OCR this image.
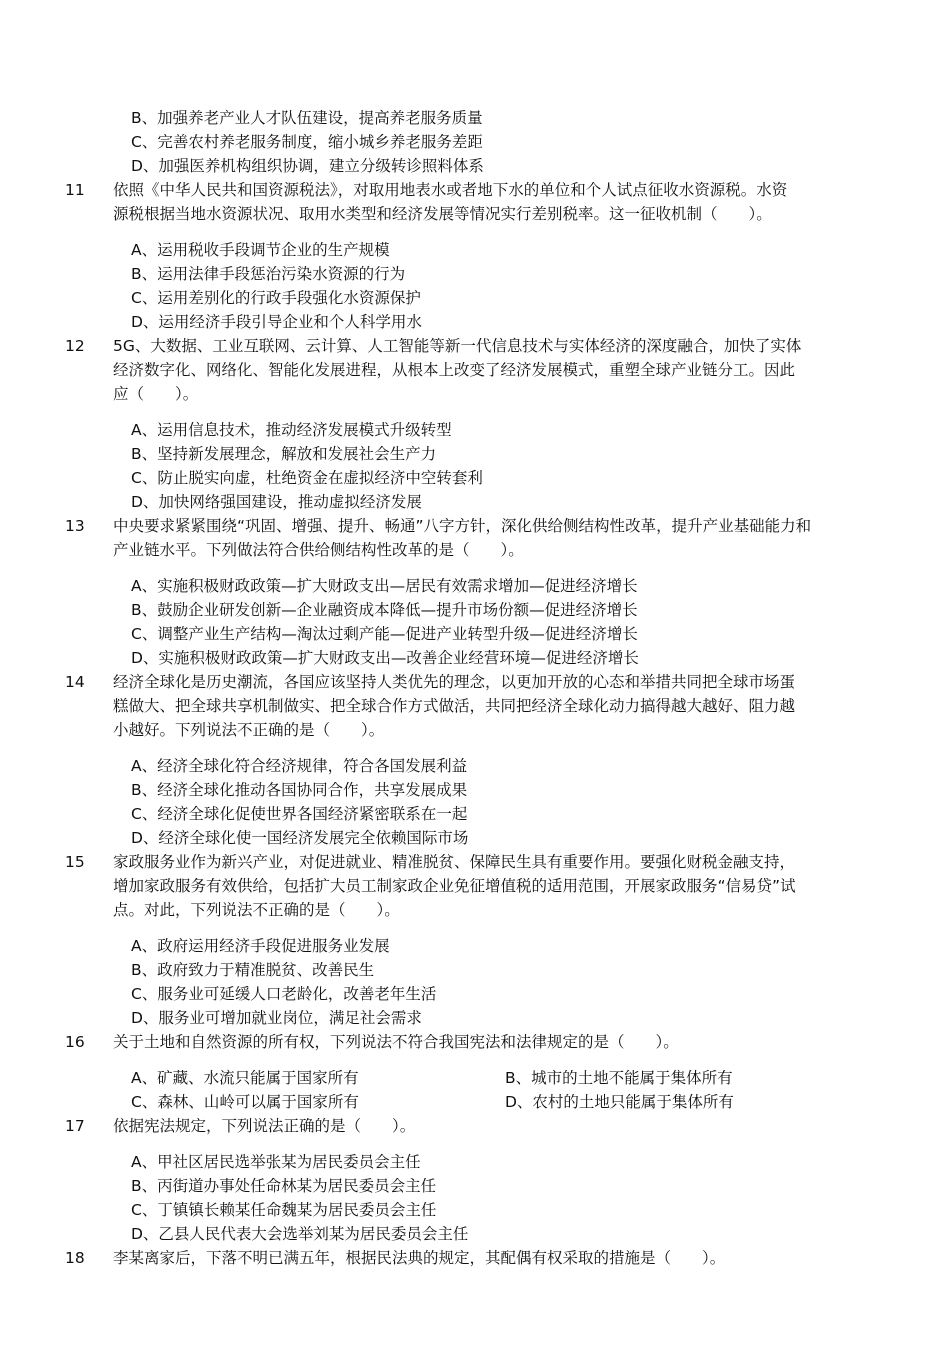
B、加强养老产业人才队伍建设，提高养老服务质量
C、完善农村养老服务制度，缩小城乡养老服务差距
D、加强医养机构组织协调，建立分级转诊照料体系
11 依照《中华人民共和国资源税法》，对取用地表水或者地下水的单位和个人试点征收水资源税。水资
源税根据当地水资源状况、取用水类型和经济发展等情况实行差别税率。这一征收机制（　　）。
A、运用税收手段调节企业的生产规模
B、运用法律手段惩治污染水资源的行为
C、运用差别化的行政手段强化水资源保护
D、运用经济手段引导企业和个人科学用水
12 5G、大数据、工业互联网、云计算、人工智能等新一代信息技术与实体经济的深度融合，加快了实体
经济数字化、网络化、智能化发展进程，从根本上改变了经济发展模式，重塑全球产业链分工。因此
应（　　）。
A、运用信息技术，推动经济发展模式升级转型
B、坚持新发展理念，解放和发展社会生产力
C、防止脱实向虚，杜绝资金在虚拟经济中空转套利
D、加快网络强国建设，推动虚拟经济发展
13 中央要求紧紧围绕“巩固、增强、提升、畅通”八字方针，深化供给侧结构性改革，提升产业基础能力和
产业链水平。下列做法符合供给侧结构性改革的是（　　）。
A、实施积极财政政策—扩大财政支出—居民有效需求增加—促进经济增长
B、鼓励企业研发创新—企业融资成本降低—提升市场份额—促进经济增长
C、调整产业生产结构—淘汰过剩产能—促进产业转型升级—促进经济增长
D、实施积极财政政策—扩大财政支出—改善企业经营环境—促进经济增长
14 经济全球化是历史潮流，各国应该坚持人类优先的理念，以更加开放的心态和举措共同把全球市场蛋
糕做大、把全球共享机制做实、把全球合作方式做活，共同把经济全球化动力搞得越大越好、阻力越
小越好。下列说法不正确的是（　　）。
A、经济全球化符合经济规律，符合各国发展利益
B、经济全球化推动各国协同合作，共享发展成果
C、经济全球化促使世界各国经济紧密联系在一起
D、经济全球化使一国经济发展完全依赖国际市场
15 家政服务业作为新兴产业，对促进就业、精准脱贫、保障民生具有重要作用。要强化财税金融支持，
增加家政服务有效供给，包括扩大员工制家政企业免征增值税的适用范围，开展家政服务“信易贷”试
点。对此，下列说法不正确的是（　　）。
A、政府运用经济手段促进服务业发展
B、政府致力于精准脱贫、改善民生
C、服务业可延缓人口老龄化，改善老年生活
D、服务业可增加就业岗位，满足社会需求
16 关于土地和自然资源的所有权，下列说法不符合我国宪法和法律规定的是（　　）。
A、矿藏、水流只能属于国家所有	B、城市的土地不能属于集体所有
C、森林、山岭可以属于国家所有	D、农村的土地只能属于集体所有
17 依据宪法规定，下列说法正确的是（　　）。
A、甲社区居民选举张某为居民委员会主任
B、丙街道办事处任命林某为居民委员会主任
C、丁镇镇长赖某任命魏某为居民委员会主任
D、乙县人民代表大会选举刘某为居民委员会主任
18 李某离家后，下落不明已满五年，根据民法典的规定，其配偶有权采取的措施是（　　）。
